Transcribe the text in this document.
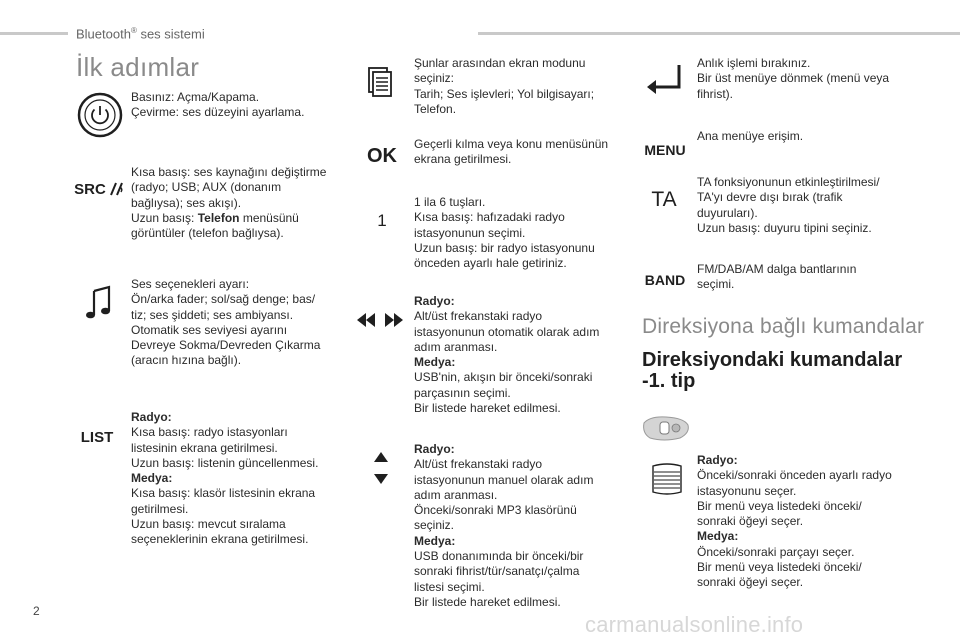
Bluetooth® ses sistemi
İlk adımlar

Basınız: Açma/Kapama.

Çevirme: ses düzeyini ayarlama.

SRC

Kısa basış: ses kaynağını değiştirme

(radyo; USB; AUX (donanım

bağlıysa); ses akışı).

Uzun basış: Telefon menüsünü

görüntüler (telefon bağlıysa).

Ses seçenekleri ayarı:

Ön/arka fader; sol/sağ denge; bas/

tiz; ses şiddeti; ses ambiyansı.

Otomatik ses seviyesi ayarını

Devreye Sokma/Devreden Çıkarma

(aracın hızına bağlı).

LIST

Radyo:

Kısa basış: radyo istasyonları

listesinin ekrana getirilmesi.

Uzun basış: listenin güncellenmesi.

Medya:

Kısa basış: klasör listesinin ekrana

getirilmesi.

Uzun basış: mevcut sıralama

seçeneklerinin ekrana getirilmesi.

Şunlar arasından ekran modunu

seçiniz:

Tarih; Ses işlevleri; Yol bilgisayarı;

Telefon.

OK

Geçerli kılma veya konu menüsünün

ekrana getirilmesi.

1

1 ila 6 tuşları.

Kısa basış: hafızadaki radyo

istasyonunun seçimi.

Uzun basış: bir radyo istasyonunu

önceden ayarlı hale getiriniz.

Radyo:

Alt/üst frekanstaki radyo

istasyonunun otomatik olarak adım

adım aranması.

Medya:

USB'nin, akışın bir önceki/sonraki

parçasının seçimi.

Bir listede hareket edilmesi.

Radyo:

Alt/üst frekanstaki radyo

istasyonunun manuel olarak adım

adım aranması.

Önceki/sonraki MP3 klasörünü

seçiniz.

Medya:

USB donanımında bir önceki/bir

sonraki fihrist/tür/sanatçı/çalma

listesi seçimi.

Bir listede hareket edilmesi.

Anlık işlemi bırakınız.

Bir üst menüye dönmek (menü veya

fihrist).

MENU

Ana menüye erişim.

TA

TA fonksiyonunun etkinleştirilmesi/

TA'yı devre dışı bırak (trafik

duyuruları).

Uzun basış: duyuru tipini seçiniz.

BAND

FM/DAB/AM dalga bantlarının

seçimi.

Direksiyona bağlı kumandalar
Direksiyondaki kumandalar
-1. tip

Radyo:

Önceki/sonraki önceden ayarlı radyo

istasyonunu seçer.

Bir menü veya listedeki önceki/

sonraki öğeyi seçer.

Medya:

Önceki/sonraki parçayı seçer.

Bir menü veya listedeki önceki/

sonraki öğeyi seçer.

2
carmanualsonline.info
